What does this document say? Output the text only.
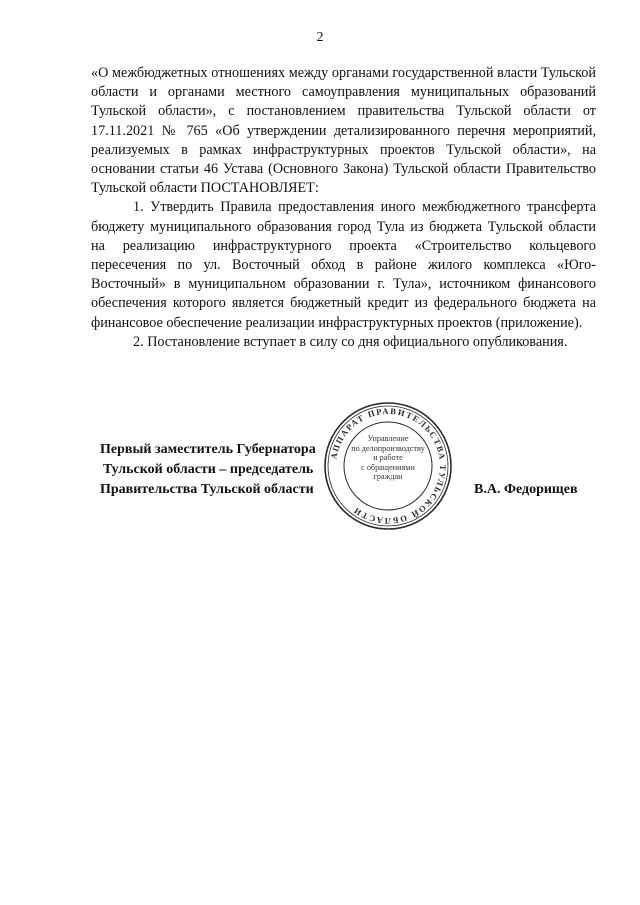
2

«О межбюджетных отношениях между органами государственной власти Тульской области и органами местного самоуправления муниципальных образований Тульской области», с постановлением правительства Тульской области от 17.11.2021 № 765 «Об утверждении детализированного перечня мероприятий, реализуемых в рамках инфраструктурных проектов Тульской области», на основании статьи 46 Устава (Основного Закона) Тульской области Правительство Тульской области ПОСТАНОВЛЯЕТ:

1. Утвердить Правила предоставления иного межбюджетного трансферта бюджету муниципального образования город Тула из бюджета Тульской области на реализацию инфраструктурного проекта «Строительство кольцевого пересечения по ул. Восточный обход в районе жилого комплекса «Юго-Восточный» в муниципальном образовании г. Тула», источником финансового обеспечения которого является бюджетный кредит из федерального бюджета на финансовое обеспечение реализации инфраструктурных проектов (приложение).

2. Постановление вступает в силу со дня официального опубликования.

АППАРАТ ПРАВИТЕЛЬСТВА ТУЛЬСКОЙ ОБЛАСТИ
Управление
по делопроизводству
и работе
с обращениями
граждан
Первый заместитель Губернатора
Тульской области – председатель
Правительства Тульской области	В.А. Федорищев
